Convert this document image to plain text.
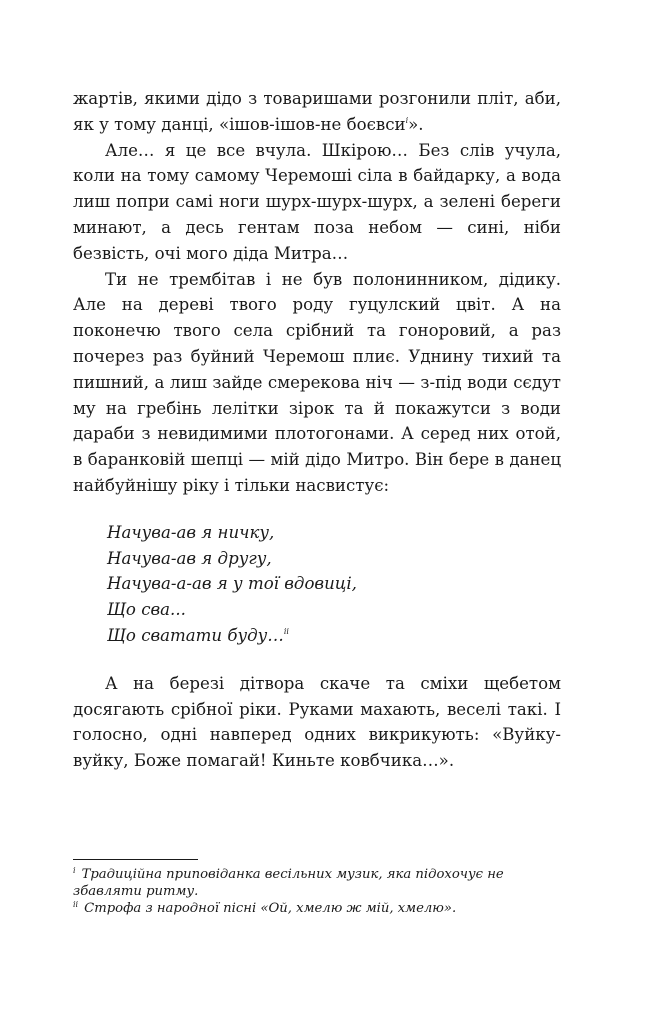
жартів, якими дідо з товаришами розгонили пліт, аби, як у тому данці, «ішов-ішов-не боєвси$^i$».

Але… я це все вчула. Шкірою… Без слів учула, коли на тому самому Черемоші сіла в байдарку, а вода лиш попри самі ноги шурх-шурх-шурх, а зелені береги минают, а десь гентам поза небом — сині, ніби безвість, очі мого діда Митра…

Ти не трембітав і не був полонинником, дідику. Але на дереві твого роду гуцулский цвіт. А на поконечю твого села срібний та гоноровий, а раз почерез раз буйний Черемош плиє. Уднину тихий та пишний, а лиш зайде смерекова ніч — з-під води сєдут му на гребінь лелітки зірок та й покажутси з води дараби з невидимими плотогонами. А серед них отой, в баранковій шепці — мій дідо Митро. Він бере в данец найбуйнішу ріку і тільки насвистує:

Начува-ав я ничку,
Начува-ав я другу,
Начува-а-ав я у тої вдовиці,
Що сва...
Що сватати буду…$^{ii}$

А на березі дітвора скаче та сміхи щебетом досягають срібної ріки. Руками махають, веселі такі. І голосно, одні навперед одних викрикують: «Вуйку-вуйку, Боже помагай! Киньте ковбчика…».

$^i$ Традиційна приповіданка весільних музик, яка підохочує не збавляти ритму.

$^{ii}$ Строфа з народної пісні «Ой, хмелю ж мій, хмелю».
